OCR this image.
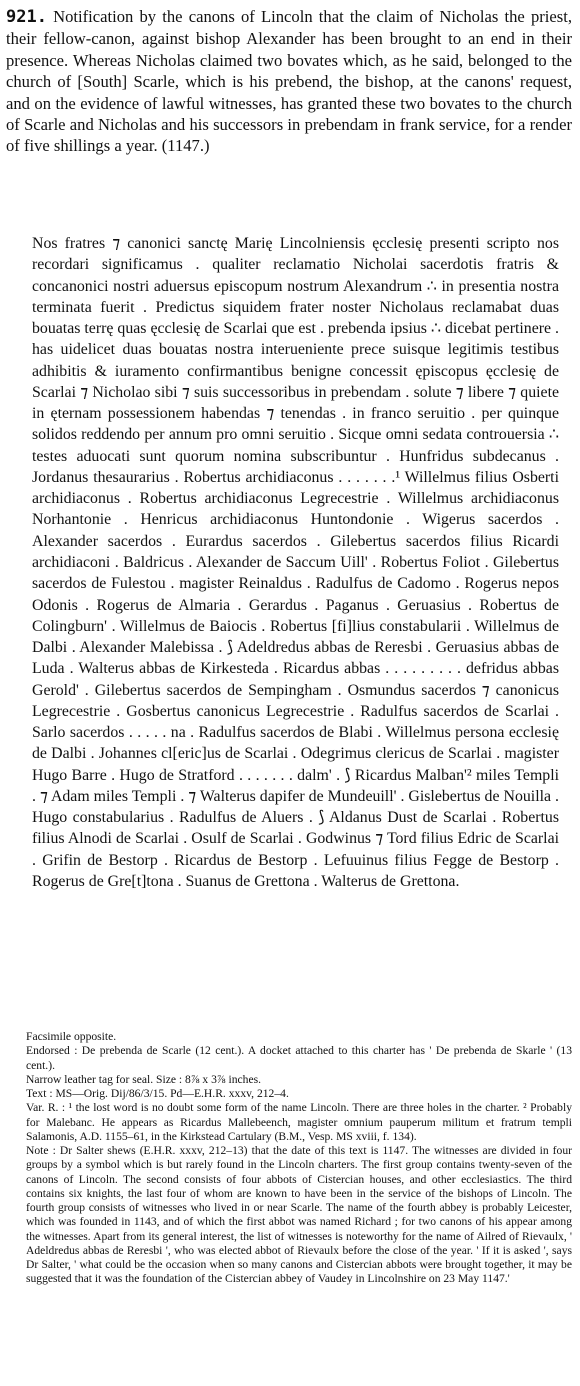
921. Notification by the canons of Lincoln that the claim of Nicholas the priest, their fellow-canon, against bishop Alexander has been brought to an end in their presence. Whereas Nicholas claimed two bovates which, as he said, belonged to the church of [South] Scarle, which is his prebend, the bishop, at the canons' request, and on the evidence of lawful witnesses, has granted these two bovates to the church of Scarle and Nicholas and his successors in prebendam in frank service, for a render of five shillings a year. (1147.)

Nos fratres ⁊ canonici sanctę Marię Lincolniensis ęcclesię presenti scripto nos recordari significamus . qualiter reclamatio Nicholai sacerdotis fratris & concanonici nostri aduersus episcopum nostrum Alexandrum ∴ in presentia nostra terminata fuerit . Predictus siquidem frater noster Nicholaus reclamabat duas bouatas terrę quas ęcclesię de Scarlai que est . prebenda ipsius ∴ dicebat pertinere . has uidelicet duas bouatas nostra interueniente prece suisque legitimis testibus adhibitis & iuramento confirmantibus benigne concessit ępiscopus ęcclesię de Scarlai ⁊ Nicholao sibi ⁊ suis successoribus in prebendam . solute ⁊ libere ⁊ quiete in ęternam possessionem habendas ⁊ tenendas . in franco seruitio . per quinque solidos reddendo per annum pro omni seruitio . Sicque omni sedata controuersia ∴ testes aduocati sunt quorum nomina subscribuntur . Hunfridus subdecanus . Jordanus thesaurarius . Robertus archidiaconus . . . . . . .¹ Willelmus filius Osberti archidiaconus . Robertus archidiaconus Legrecestrie . Willelmus archidiaconus Norhantonie . Henricus archidiaconus Huntondonie . Wigerus sacerdos . Alexander sacerdos . Eurardus sacerdos . Gilebertus sacerdos filius Ricardi archidiaconi . Baldricus . Alexander de Saccum Uill' . Robertus Foliot . Gilebertus sacerdos de Fulestou . magister Reinaldus . Radulfus de Cadomo . Rogerus nepos Odonis . Rogerus de Almaria . Gerardus . Paganus . Geruasius . Robertus de Colingburn' . Willelmus de Baiocis . Robertus [fi]lius constabularii . Willelmus de Dalbi . Alexander Malebissa . ⟆ Adeldredus abbas de Reresbi . Geruasius abbas de Luda . Walterus abbas de Kirkesteda . Ricardus abbas . . . . . . . . . defridus abbas Gerold' . Gilebertus sacerdos de Sempingham . Osmundus sacerdos ⁊ canonicus Legrecestrie . Gosbertus canonicus Legrecestrie . Radulfus sacerdos de Scarlai . Sarlo sacerdos . . . . . na . Radulfus sacerdos de Blabi . Willelmus persona ecclesię de Dalbi . Johannes cl[eric]us de Scarlai . Odegrimus clericus de Scarlai . magister Hugo Barre . Hugo de Stratford . . . . . . . dalm' . ⟆ Ricardus Malban'² miles Templi . ⁊ Adam miles Templi . ⁊ Walterus dapifer de Mundeuill' . Gislebertus de Nouilla . Hugo constabularius . Radulfus de Aluers . ⟆ Aldanus Dust de Scarlai . Robertus filius Alnodi de Scarlai . Osulf de Scarlai . Godwinus ⁊ Tord filius Edric de Scarlai . Grifin de Bestorp . Ricardus de Bestorp . Lefuuinus filius Fegge de Bestorp . Rogerus de Gre[t]tona . Suanus de Grettona . Walterus de Grettona.

Facsimile opposite.

Endorsed : De prebenda de Scarle (12 cent.). A docket attached to this charter has ' De prebenda de Skarle ' (13 cent.).

Narrow leather tag for seal. Size : 8⅞ x 3⅞ inches.

Text : MS—Orig. Dij/86/3/15. Pd—E.H.R. xxxv, 212–4.

Var. R. : ¹ the lost word is no doubt some form of the name Lincoln. There are three holes in the charter. ² Probably for Malebanc. He appears as Ricardus Mallebeench, magister omnium pauperum militum et fratrum templi Salamonis, A.D. 1155–61, in the Kirkstead Cartulary (B.M., Vesp. MS xviii, f. 134).

Note : Dr Salter shews (E.H.R. xxxv, 212–13) that the date of this text is 1147. The witnesses are divided in four groups by a symbol which is but rarely found in the Lincoln charters. The first group contains twenty-seven of the canons of Lincoln. The second consists of four abbots of Cistercian houses, and other ecclesiastics. The third contains six knights, the last four of whom are known to have been in the service of the bishops of Lincoln. The fourth group consists of witnesses who lived in or near Scarle. The name of the fourth abbey is probably Leicester, which was founded in 1143, and of which the first abbot was named Richard ; for two canons of his appear among the witnesses. Apart from its general interest, the list of witnesses is noteworthy for the name of Ailred of Rievaulx, ' Adeldredus abbas de Reresbi ', who was elected abbot of Rievaulx before the close of the year. ' If it is asked ', says Dr Salter, ' what could be the occasion when so many canons and Cistercian abbots were brought together, it may be suggested that it was the foundation of the Cistercian abbey of Vaudey in Lincolnshire on 23 May 1147.'
